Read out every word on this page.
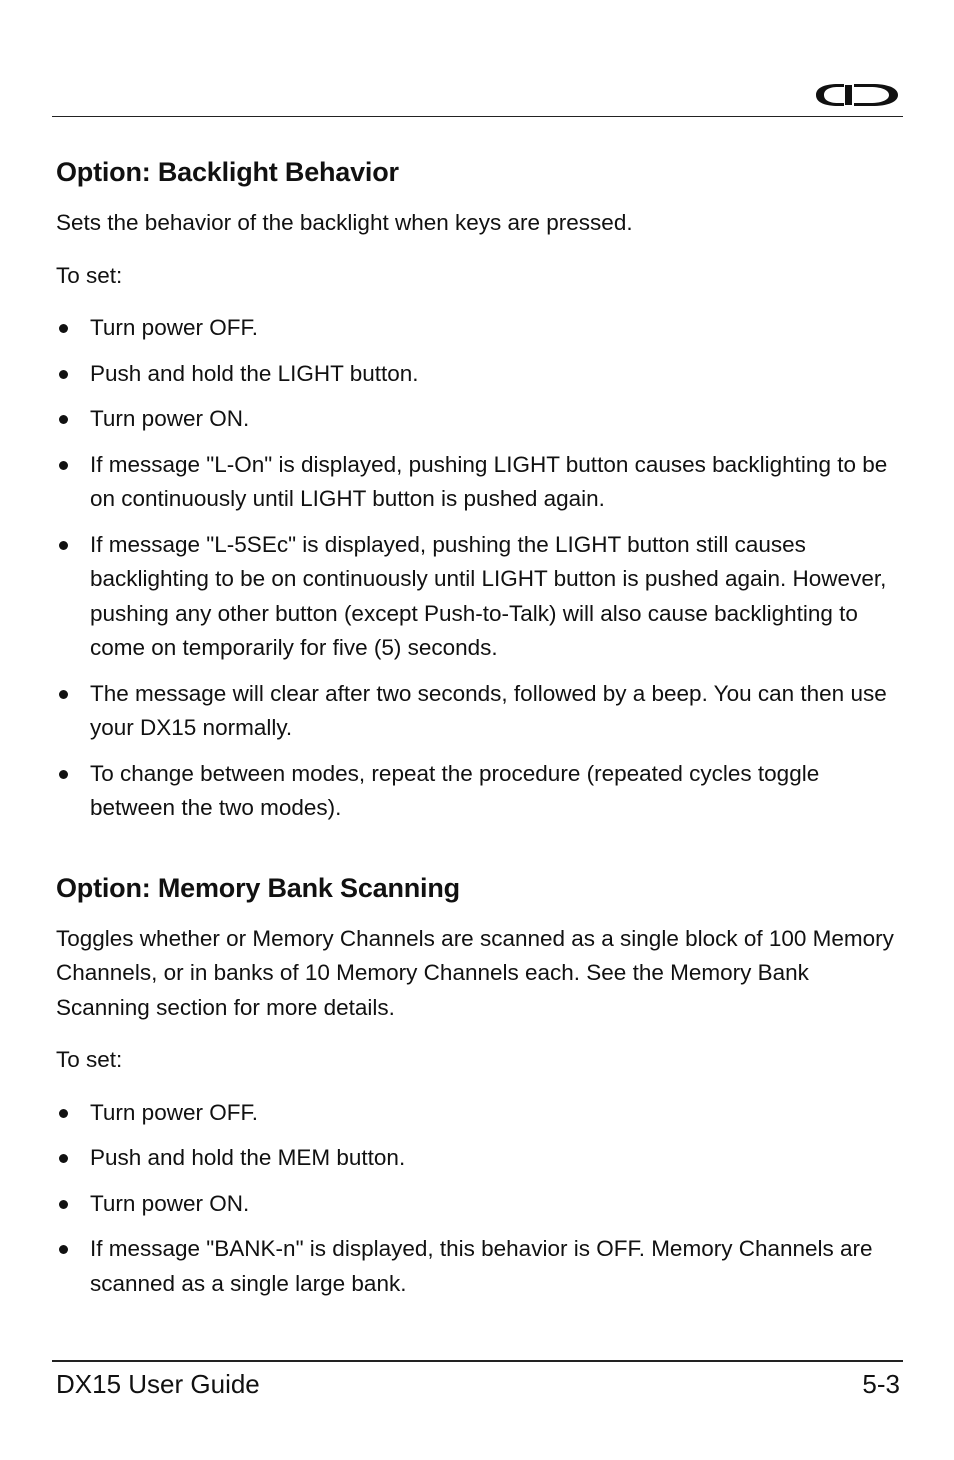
Option: Backlight Behavior

Sets the behavior of the backlight when keys are pressed.

To set:

Turn power OFF.
Push and hold the LIGHT button.
Turn power ON.
If message "L-On" is displayed, pushing LIGHT button causes backlighting to be on continuously until LIGHT button is pushed again.
If message "L-5SEc" is displayed, pushing the LIGHT button still causes backlighting to be on continuously until LIGHT button is pushed again. However, pushing any other button (except Push-to-Talk) will also cause backlighting to come on temporarily for five (5) seconds.
The message will clear after two seconds, followed by a beep. You can then use your DX15 normally.
To change between modes, repeat the procedure (repeated cycles toggle between the two modes).
Option: Memory Bank Scanning

Toggles whether or Memory Channels are scanned as a single block of 100 Memory Channels, or in banks of 10 Memory Channels each. See the Memory Bank Scanning section for more details.

To set:

Turn power OFF.
Push and hold the MEM button.
Turn power ON.
If message "BANK-n" is displayed, this behavior is OFF. Memory Channels are scanned as a single large bank.
DX15 User Guide	5-3
